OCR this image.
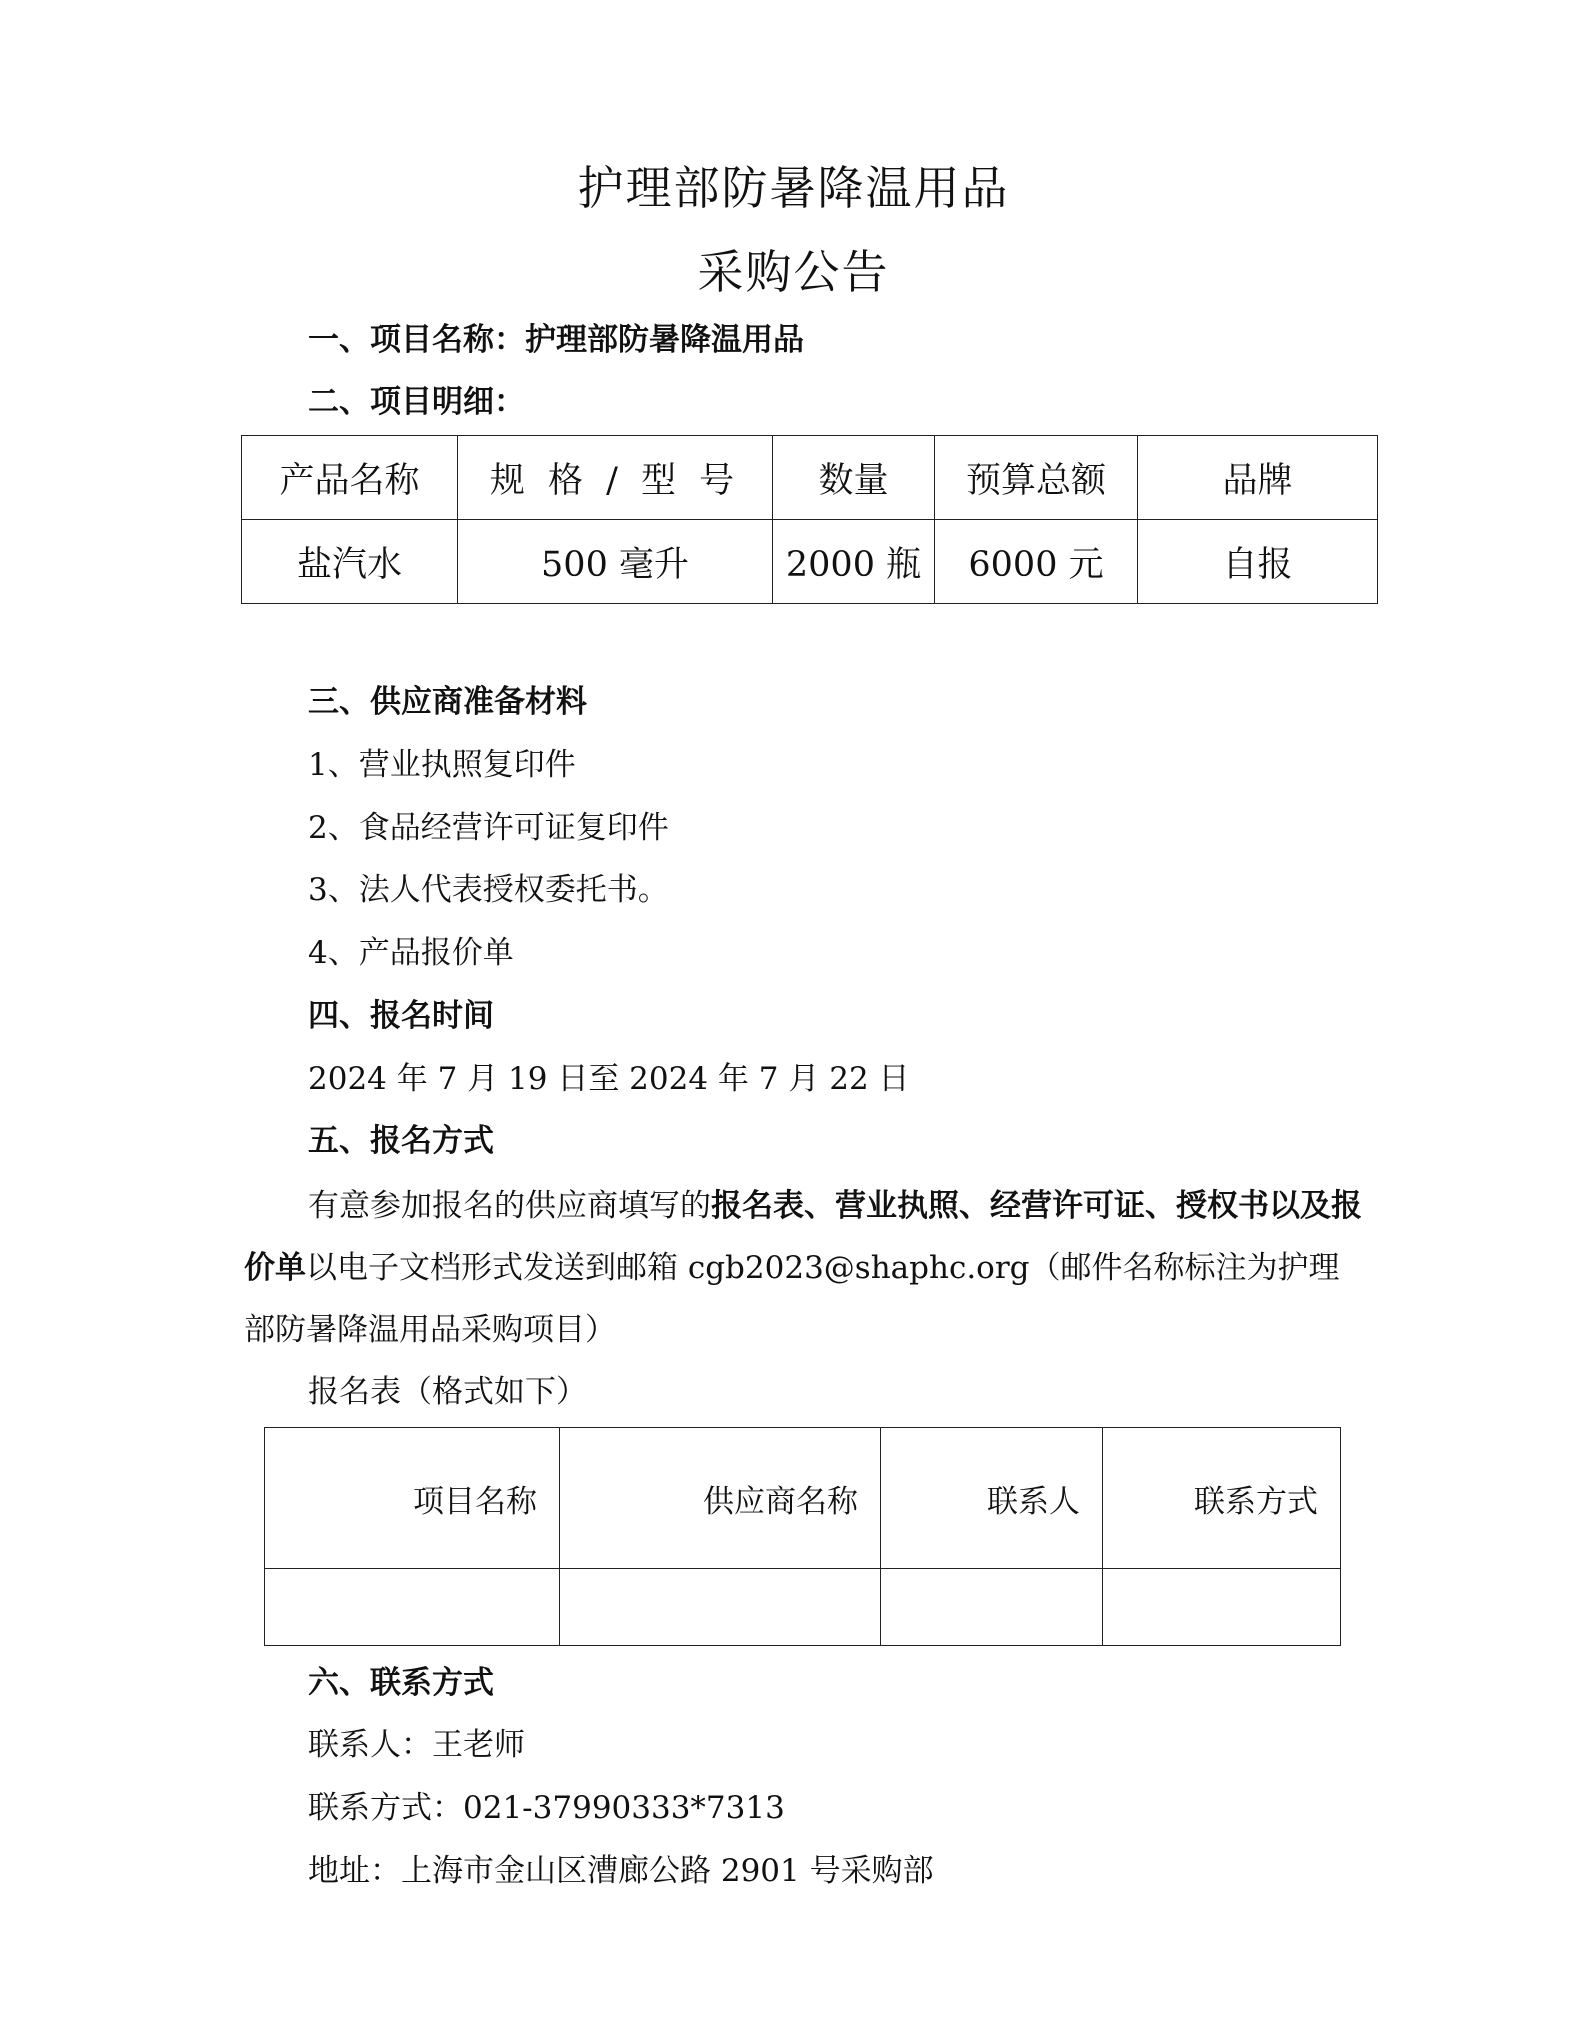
护理部防暑降温用品
采购公告
一、项目名称：护理部防暑降温用品
二、项目明细：
产品名称	规 格 / 型 号	数量	预算总额	品牌
盐汽水	500 毫升	2000 瓶	6000 元	自报
三、供应商准备材料
1、营业执照复印件
2、食品经营许可证复印件
3、法人代表授权委托书。
4、产品报价单
四、报名时间
2024 年 7 月 19 日至 2024 年 7 月 22 日
五、报名方式
有意参加报名的供应商填写的报名表、营业执照、经营许可证、授权书以及报价单以电子文档形式发送到邮箱 cgb2023@shaphc.org（邮件名称标注为护理部防暑降温用品采购项目）
报名表（格式如下）
项目名称	供应商名称	联系人	联系方式

六、联系方式
联系人：王老师
联系方式：021-37990333*7313
地址：上海市金山区漕廊公路 2901 号采购部
